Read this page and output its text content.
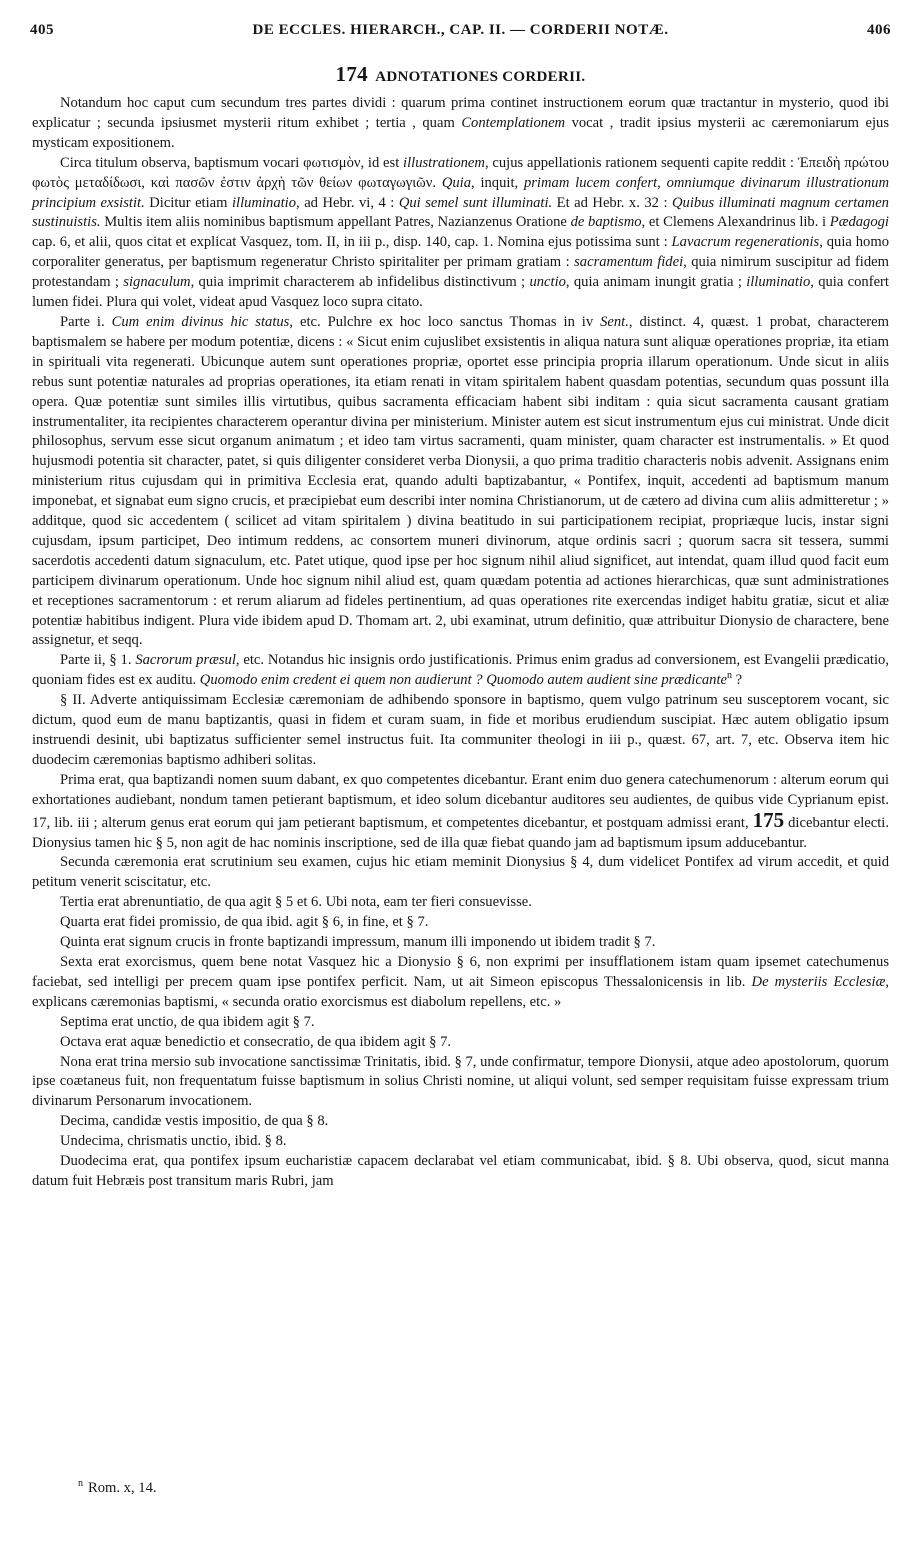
405	DE ECCLES. HIERARCH., CAP. II. — CORDERII NOTÆ.	406
174 ADNOTATIONES CORDERII.

Notandum hoc caput cum secundum tres partes dividi : quarum prima continet instructionem eorum quæ tractantur in mysterio, quod ibi explicatur ; secunda ipsiusmet mysterii ritum exhibet ; tertia , quam Contemplationem vocat , tradit ipsius mysterii ac cæremoniarum ejus mysticam expositionem.

Circa titulum observa, baptismum vocari φωτισμὸν, id est illustrationem, cujus appellationis rationem sequenti capite reddit : Ἐπειδὴ πρώτου φωτὸς μεταδίδωσι, καὶ πασῶν ἐστιν ἀρχὴ τῶν θείων φωταγωγιῶν. Quia, inquit, primam lucem confert, omniumque divinarum illustrationum principium exsistit. Dicitur etiam illuminatio, ad Hebr. vi, 4 : Qui semel sunt illuminati. Et ad Hebr. x. 32 : Quibus illuminati magnum certamen sustinuistis. Multis item aliis nominibus baptismum appellant Patres, Nazianzenus Oratione de baptismo, et Clemens Alexandrinus lib. i Pædagogi cap. 6, et alii, quos citat et explicat Vasquez, tom. II, in iii p., disp. 140, cap. 1. Nomina ejus potissima sunt : Lavacrum regenerationis, quia homo corporaliter generatus, per baptismum regeneratur Christo spiritaliter per primam gratiam : sacramentum fidei, quia nimirum suscipitur ad fidem protestandam ; signaculum, quia imprimit characterem ab infidelibus distinctivum ; unctio, quia animam inungit gratia ; illuminatio, quia confert lumen fidei. Plura qui volet, videat apud Vasquez loco supra citato.

Parte i. Cum enim divinus hic status, etc. Pulchre ex hoc loco sanctus Thomas in iv Sent., distinct. 4, quæst. 1 probat, characterem baptismalem se habere per modum potentiæ, dicens : « Sicut enim cujuslibet exsistentis in aliqua natura sunt aliquæ operationes propriæ, ita etiam in spirituali vita regenerati. Ubicunque autem sunt operationes propriæ, oportet esse principia propria illarum operationum. Unde sicut in aliis rebus sunt potentiæ naturales ad proprias operationes, ita etiam renati in vitam spiritalem habent quasdam potentias, secundum quas possunt illa opera. Quæ potentiæ sunt similes illis virtutibus, quibus sacramenta efficaciam habent sibi inditam : quia sicut sacramenta causant gratiam instrumentaliter, ita recipientes characterem operantur divina per ministerium. Minister autem est sicut instrumentum ejus cui ministrat. Unde dicit philosophus, servum esse sicut organum animatum ; et ideo tam virtus sacramenti, quam minister, quam character est instrumentalis. » Et quod hujusmodi potentia sit character, patet, si quis diligenter consideret verba Dionysii, a quo prima traditio characteris nobis advenit. Assignans enim ministerium ritus cujusdam qui in primitiva Ecclesia erat, quando adulti baptizabantur, « Pontifex, inquit, accedenti ad baptismum manum imponebat, et signabat eum signo crucis, et præcipiebat eum describi inter nomina Christianorum, ut de cætero ad divina cum aliis admitteretur ; » additque, quod sic accedentem ( scilicet ad vitam spiritalem ) divina beatitudo in sui participationem recipiat, propriæque lucis, instar signi cujusdam, ipsum participet, Deo intimum reddens, ac consortem muneri divinorum, atque ordinis sacri ; quorum sacra sit tessera, summi sacerdotis accedenti datum signaculum, etc. Patet utique, quod ipse per hoc signum nihil aliud significet, aut intendat, quam illud quod facit eum participem divinarum operationum. Unde hoc signum nihil aliud est, quam quædam potentia ad actiones hierarchicas, quæ sunt administrationes et receptiones sacramentorum : et rerum aliarum ad fideles pertinentium, ad quas operationes rite exercendas indiget habitu gratiæ, sicut et aliæ potentiæ habitibus indigent. Plura vide ibidem apud D. Thomam art. 2, ubi examinat, utrum definitio, quæ attribuitur Dionysio de charactere, bene assignetur, et seqq.

Parte ii, § 1. Sacrorum præsul, etc. Notandus hic insignis ordo justificationis. Primus enim gradus ad conversionem, est Evangelii prædicatio, quoniam fides est ex auditu. Quomodo enim credent ei quem non audierunt ? Quomodo autem audient sine prædicante$^n$ ?

§ II. Adverte antiquissimam Ecclesiæ cæremoniam de adhibendo sponsore in baptismo, quem vulgo patrinum seu susceptorem vocant, sic dictum, quod eum de manu baptizantis, quasi in fidem et curam suam, in fide et moribus erudiendum suscipiat. Hæc autem obligatio ipsum instruendi desinit, ubi baptizatus sufficienter semel instructus fuit. Ita communiter theologi in iii p., quæst. 67, art. 7, etc. Observa item hic duodecim cæremonias baptismo adhiberi solitas.

Prima erat, qua baptizandi nomen suum dabant, ex quo competentes dicebantur. Erant enim duo genera catechumenorum : alterum eorum qui exhortationes audiebant, nondum tamen petierant baptismum, et ideo solum dicebantur auditores seu audientes, de quibus vide Cyprianum epist. 17, lib. iii ; alterum genus erat eorum qui jam petierant baptismum, et competentes dicebantur, et postquam admissi erant, 175 dicebantur electi. Dionysius tamen hic § 5, non agit de hac nominis inscriptione, sed de illa quæ fiebat quando jam ad baptismum ipsum adducebantur.

Secunda cæremonia erat scrutinium seu examen, cujus hic etiam meminit Dionysius § 4, dum videlicet Pontifex ad virum accedit, et quid petitum venerit sciscitatur, etc.

Tertia erat abrenuntiatio, de qua agit § 5 et 6. Ubi nota, eam ter fieri consuevisse.

Quarta erat fidei promissio, de qua ibid. agit § 6, in fine, et § 7.

Quinta erat signum crucis in fronte baptizandi impressum, manum illi imponendo ut ibidem tradit § 7.

Sexta erat exorcismus, quem bene notat Vasquez hic a Dionysio § 6, non exprimi per insufflationem istam quam ipsemet catechumenus faciebat, sed intelligi per precem quam ipse pontifex perficit. Nam, ut ait Simeon episcopus Thessalonicensis in lib. De mysteriis Ecclesiæ, explicans cæremonias baptismi, « secunda oratio exorcismus est diabolum repellens, etc. »

Septima erat unctio, de qua ibidem agit § 7.

Octava erat aquæ benedictio et consecratio, de qua ibidem agit § 7.

Nona erat trina mersio sub invocatione sanctissimæ Trinitatis, ibid. § 7, unde confirmatur, tempore Dionysii, atque adeo apostolorum, quorum ipse coætaneus fuit, non frequentatum fuisse baptismum in solius Christi nomine, ut aliqui volunt, sed semper requisitam fuisse expressam trium divinarum Personarum invocationem.

Decima, candidæ vestis impositio, de qua § 8.

Undecima, chrismatis unctio, ibid. § 8.

Duodecima erat, qua pontifex ipsum eucharistiæ capacem declarabat vel etiam communicabat, ibid. § 8. Ubi observa, quod, sicut manna datum fuit Hebræis post transitum maris Rubri, jam

$^n$ Rom. x, 14.
